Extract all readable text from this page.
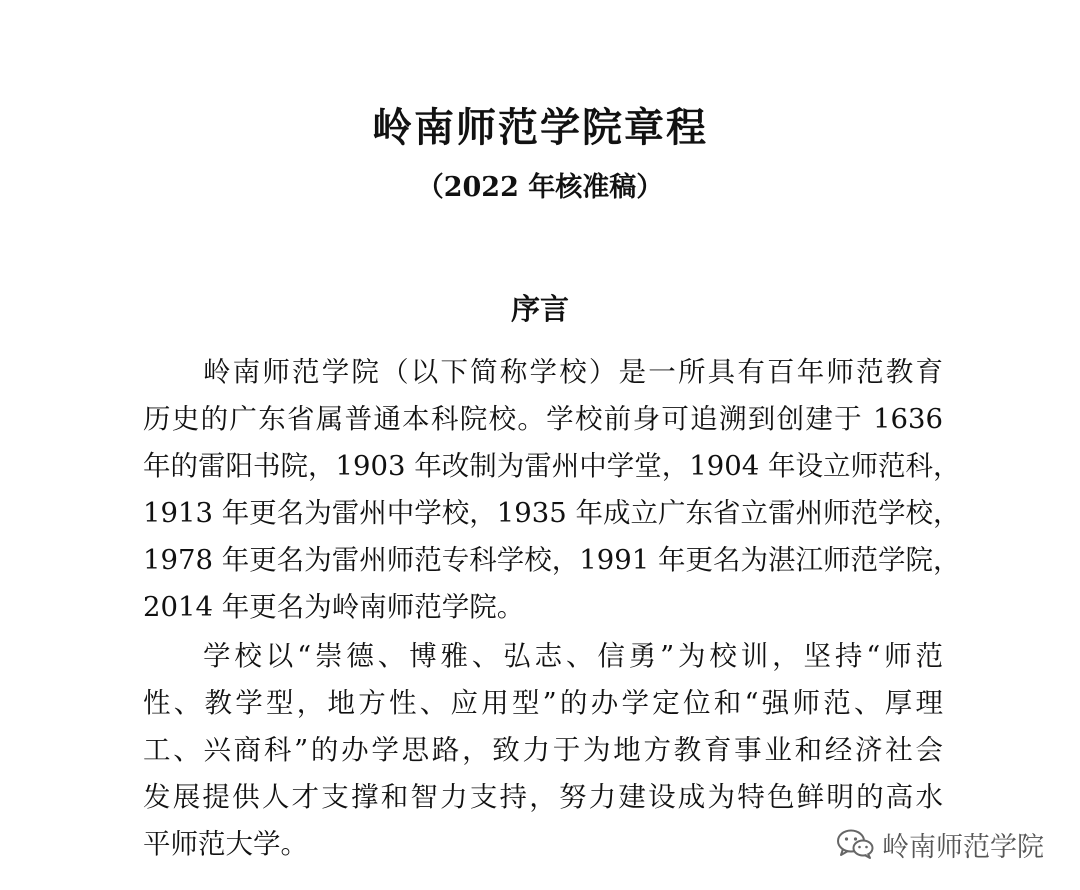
岭南师范学院章程
（2022 年核准稿）
序言
岭南师范学院（以下简称学校）是一所具有百年师范教育
历史的广东省属普通本科院校。学校前身可追溯到创建于 1636
年的雷阳书院，1903 年改制为雷州中学堂，1904 年设立师范科，
1913 年更名为雷州中学校，1935 年成立广东省立雷州师范学校，
1978 年更名为雷州师范专科学校，1991 年更名为湛江师范学院，
2014 年更名为岭南师范学院。
学校以“崇德、博雅、弘志、信勇”为校训，坚持“师范
性、教学型，地方性、应用型”的办学定位和“强师范、厚理
工、兴商科”的办学思路，致力于为地方教育事业和经济社会
发展提供人才支撑和智力支持，努力建设成为特色鲜明的高水
平师范大学。	岭南师范学院
